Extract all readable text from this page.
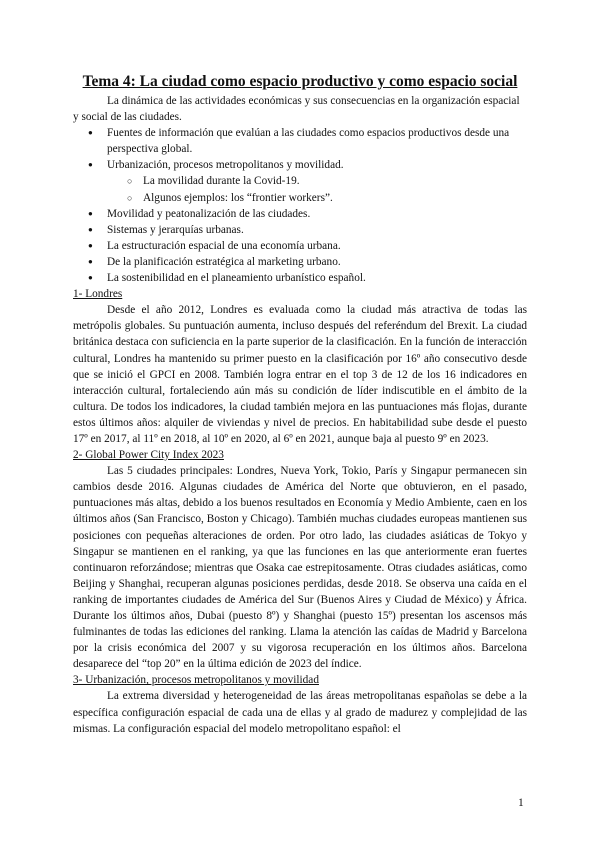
Tema 4: La ciudad como espacio productivo y como espacio social

La dinámica de las actividades económicas y sus consecuencias en la organización espacial y social de las ciudades.

● Fuentes de información que evalúan a las ciudades como espacios productivos desde una perspectiva global.
● Urbanización, procesos metropolitanos y movilidad.
○ La movilidad durante la Covid-19.
○ Algunos ejemplos: los “frontier workers”.
● Movilidad y peatonalización de las ciudades.
● Sistemas y jerarquías urbanas.
● La estructuración espacial de una economía urbana.
● De la planificación estratégica al marketing urbano.
● La sostenibilidad en el planeamiento urbanístico español.
1- Londres

Desde el año 2012, Londres es evaluada como la ciudad más atractiva de todas las metrópolis globales. Su puntuación aumenta, incluso después del referéndum del Brexit. La ciudad británica destaca con suficiencia en la parte superior de la clasificación. En la función de interacción cultural, Londres ha mantenido su primer puesto en la clasificación por 16º año consecutivo desde que se inició el GPCI en 2008. También logra entrar en el top 3 de 12 de los 16 indicadores en interacción cultural, fortaleciendo aún más su condición de líder indiscutible en el ámbito de la cultura. De todos los indicadores, la ciudad también mejora en las puntuaciones más flojas, durante estos últimos años: alquiler de viviendas y nivel de precios. En habitabilidad sube desde el puesto 17º en 2017, al 11º en 2018, al 10º en 2020, al 6º en 2021, aunque baja al puesto 9º en 2023.

2- Global Power City Index 2023

Las 5 ciudades principales: Londres, Nueva York, Tokio, París y Singapur permanecen sin cambios desde 2016. Algunas ciudades de América del Norte que obtuvieron, en el pasado, puntuaciones más altas, debido a los buenos resultados en Economía y Medio Ambiente, caen en los últimos años (San Francisco, Boston y Chicago). También muchas ciudades europeas mantienen sus posiciones con pequeñas alteraciones de orden. Por otro lado, las ciudades asiáticas de Tokyo y Singapur se mantienen en el ranking, ya que las funciones en las que anteriormente eran fuertes continuaron reforzándose; mientras que Osaka cae estrepitosamente. Otras ciudades asiáticas, como Beijing y Shanghai, recuperan algunas posiciones perdidas, desde 2018. Se observa una caída en el ranking de importantes ciudades de América del Sur (Buenos Aires y Ciudad de México) y África. Durante los últimos años, Dubai (puesto 8º) y Shanghai (puesto 15º) presentan los ascensos más fulminantes de todas las ediciones del ranking. Llama la atención las caídas de Madrid y Barcelona por la crisis económica del 2007 y su vigorosa recuperación en los últimos años. Barcelona desaparece del “top 20” en la última edición de 2023 del índice.

3- Urbanización, procesos metropolitanos y movilidad

La extrema diversidad y heterogeneidad de las áreas metropolitanas españolas se debe a la específica configuración espacial de cada una de ellas y al grado de madurez y complejidad de las mismas. La configuración espacial del modelo metropolitano español: el

1
